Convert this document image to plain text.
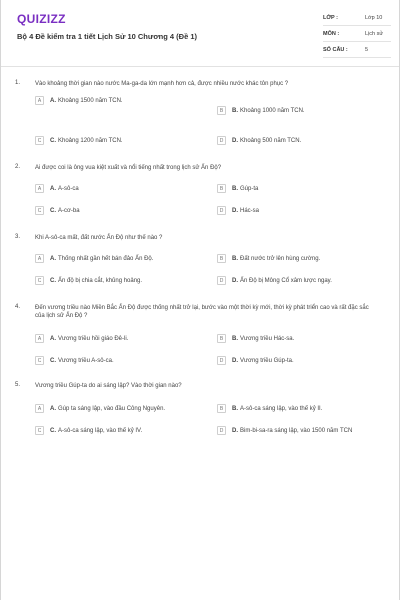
QUIZIZZ
Bộ 4 Đề kiểm tra 1 tiết Lịch Sử 10 Chương 4 (Đề 1)
LỚP :	Lớp 10
MÔN :	Lịch sử
SỐ CÂU :	5
1. Vào khoảng thời gian nào nước Ma-ga-da lớn mạnh hơn cả, được nhiều nước khác tôn phục ?
A	A. Khoảng 1500 năm TCN.
B	B. Khoảng 1000 năm TCN.
C	C. Khoảng 1200 năm TCN.	D	D. Khoảng 500 năm TCN.
2. Ai được coi là ông vua kiệt xuất và nổi tiếng nhất trong lịch sử Ấn Độ?
A	A. A-sô-ca	B	B. Gúp-ta
C	C. A-cơ-ba	D	D. Hác-sa
3. Khi A-sô-ca mất, đất nước Ấn Độ như thế nào ?
A	A. Thống nhất gần hết bán đảo Ấn Độ.	B	B. Đất nước trở lên hùng cường.
C	C. Ấn độ bị chia cắt, khủng hoảng.	D	D. Ấn Độ bị Mông Cổ xâm lược ngay.
4. Đến vương triều nào Miền Bắc Ấn Độ được thống nhất trở lại, bước vào một thời kỳ mới, thời kỳ phát triển cao và rất đặc sắc của lịch sử Ấn Độ ?
A	A. Vương triều hồi giáo Đê-li.	B	B. Vương triều Hác-sa.
C	C. Vương triều A-sô-ca.	D	D. Vương triều Gúp-ta.
5. Vương triều Gúp-ta do ai sáng lập? Vào thời gian nào?
A	A. Gúp ta sáng lập, vào đầu Công Nguyên.	B	B. A-sô-ca sáng lập, vào thế kỷ II.
C	C. A-sô-ca sáng lập, vào thế kỷ IV.	D	D. Bim-bi-sa-ra sáng lập, vào 1500 năm TCN
